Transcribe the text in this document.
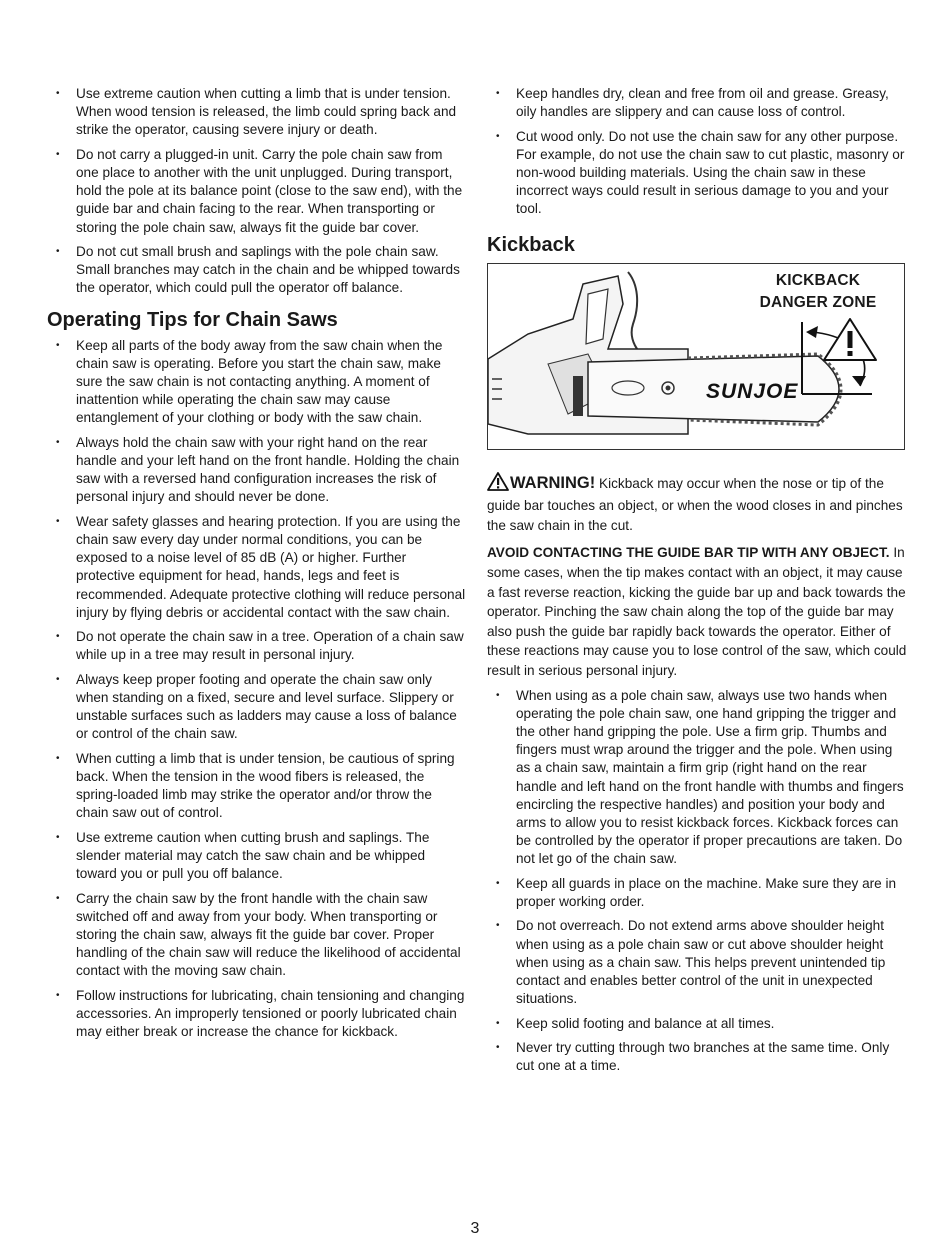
• Use extreme caution when cutting a limb that is under tension. When wood tension is released, the limb could spring back and strike the operator, causing severe injury or death.
• Do not carry a plugged-in unit. Carry the pole chain saw from one place to another with the unit unplugged. During transport, hold the pole at its balance point (close to the saw end), with the guide bar and chain facing to the rear. When transporting or storing the pole chain saw, always fit the guide bar cover.
• Do not cut small brush and saplings with the pole chain saw. Small branches may catch in the chain and be whipped towards the operator, which could pull the operator off balance.
Operating Tips for Chain Saws
• Keep all parts of the body away from the saw chain when the chain saw is operating. Before you start the chain saw, make sure the saw chain is not contacting anything. A moment of inattention while operating the chain saw may cause entanglement of your clothing or body with the saw chain.
• Always hold the chain saw with your right hand on the rear handle and your left hand on the front handle. Holding the chain saw with a reversed hand configuration increases the risk of personal injury and should never be done.
• Wear safety glasses and hearing protection. If you are using the chain saw every day under normal conditions, you can be exposed to a noise level of 85 dB (A) or higher. Further protective equipment for head, hands, legs and feet is recommended. Adequate protective clothing will reduce personal injury by flying debris or accidental contact with the saw chain.
• Do not operate the chain saw in a tree. Operation of a chain saw while up in a tree may result in personal injury.
• Always keep proper footing and operate the chain saw only when standing on a fixed, secure and level surface. Slippery or unstable surfaces such as ladders may cause a loss of balance or control of the chain saw.
• When cutting a limb that is under tension, be cautious of spring back. When the tension in the wood fibers is released, the spring-loaded limb may strike the operator and/or throw the chain saw out of control.
• Use extreme caution when cutting brush and saplings. The slender material may catch the saw chain and be whipped toward you or pull you off balance.
• Carry the chain saw by the front handle with the chain saw switched off and away from your body. When transporting or storing the chain saw, always fit the guide bar cover. Proper handling of the chain saw will reduce the likelihood of accidental contact with the moving saw chain.
• Follow instructions for lubricating, chain tensioning and changing accessories. An improperly tensioned or poorly lubricated chain may either break or increase the chance for kickback.
• Keep handles dry, clean and free from oil and grease. Greasy, oily handles are slippery and can cause loss of control.
• Cut wood only. Do not use the chain saw for any other purpose. For example, do not use the chain saw to cut plastic, masonry or non-wood building materials. Using the chain saw in these incorrect ways could result in serious damage to you and your tool.
Kickback
KICKBACK
DANGER ZONE
SUNJOE

WARNING! Kickback may occur when the nose or tip of the guide bar touches an object, or when the wood closes in and pinches the saw chain in the cut.

AVOID CONTACTING THE GUIDE BAR TIP WITH ANY OBJECT. In some cases, when the tip makes contact with an object, it may cause a fast reverse reaction, kicking the guide bar up and back towards the operator. Pinching the saw chain along the top of the guide bar may also push the guide bar rapidly back towards the operator. Either of these reactions may cause you to lose control of the saw, which could result in serious personal injury.

• When using as a pole chain saw, always use two hands when operating the pole chain saw, one hand gripping the trigger and the other hand gripping the pole. Use a firm grip. Thumbs and fingers must wrap around the trigger and the pole. When using as a chain saw, maintain a firm grip (right hand on the rear handle and left hand on the front handle with thumbs and fingers encircling the respective handles) and position your body and arms to allow you to resist kickback forces. Kickback forces can be controlled by the operator if proper precautions are taken. Do not let go of the chain saw.
• Keep all guards in place on the machine. Make sure they are in proper working order.
• Do not overreach. Do not extend arms above shoulder height when using as a pole chain saw or cut above shoulder height when using as a chain saw. This helps prevent unintended tip contact and enables better control of the unit in unexpected situations.
• Keep solid footing and balance at all times.
• Never try cutting through two branches at the same time. Only cut one at a time.
3
